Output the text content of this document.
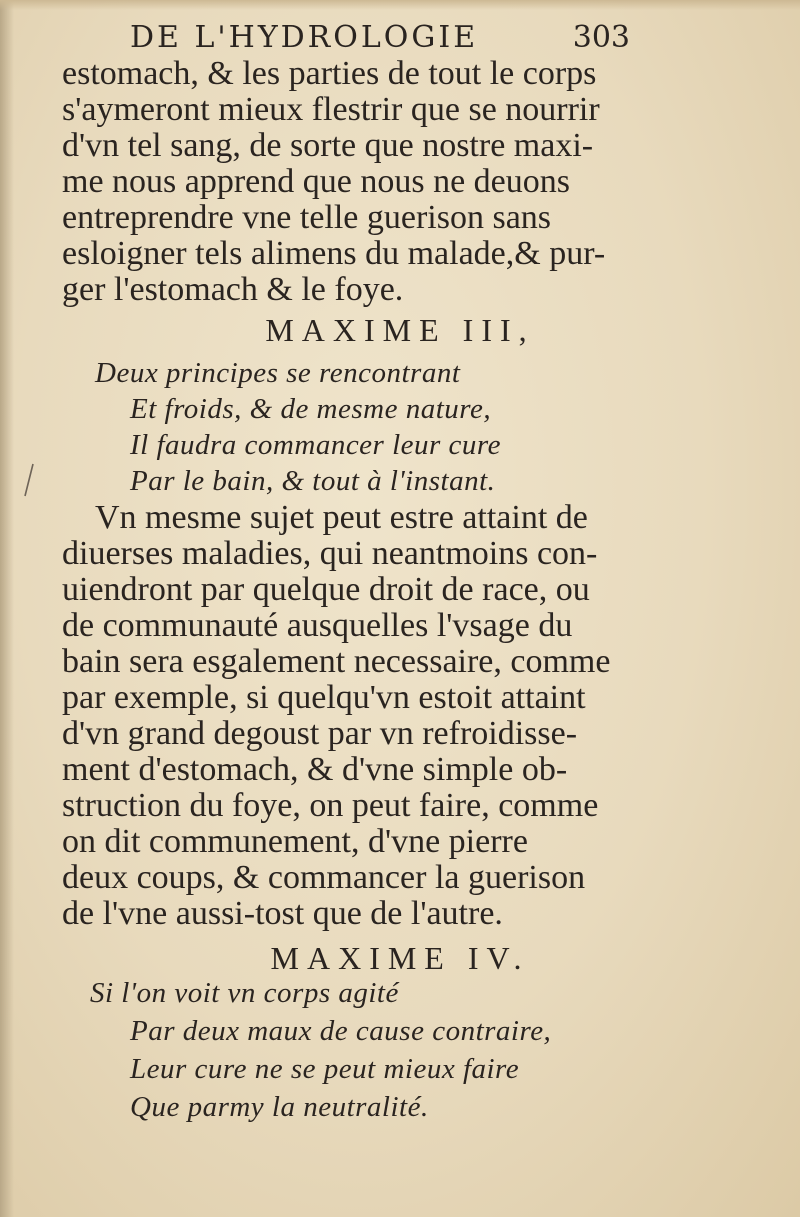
DE L'HYDROLOGIE	303
estomach, & les parties de tout le corps
s'aymeront mieux flestrir que se nourrir
d'vn tel sang, de sorte que nostre maxi-
me nous apprend que nous ne deuons
entreprendre vne telle guerison sans
esloigner tels alimens du malade,& pur-
ger l'estomach & le foye.
MAXIME III,
Deux principes se rencontrant
Et froids, & de mesme nature,
Il faudra commancer leur cure
Par le bain, & tout à l'instant.
Vn mesme sujet peut estre attaint de
diuerses maladies, qui neantmoins con-
uiendront par quelque droit de race, ou
de communauté ausquelles l'vsage du
bain sera esgalement necessaire, comme
par exemple, si quelqu'vn estoit attaint
d'vn grand degoust par vn refroidisse-
ment d'estomach, & d'vne simple ob-
struction du foye, on peut faire, comme
on dit communement, d'vne pierre
deux coups, & commancer la guerison
de l'vne aussi-tost que de l'autre.
MAXIME IV.
Si l'on voit vn corps agité
Par deux maux de cause contraire,
Leur cure ne se peut mieux faire
Que parmy la neutralité.
